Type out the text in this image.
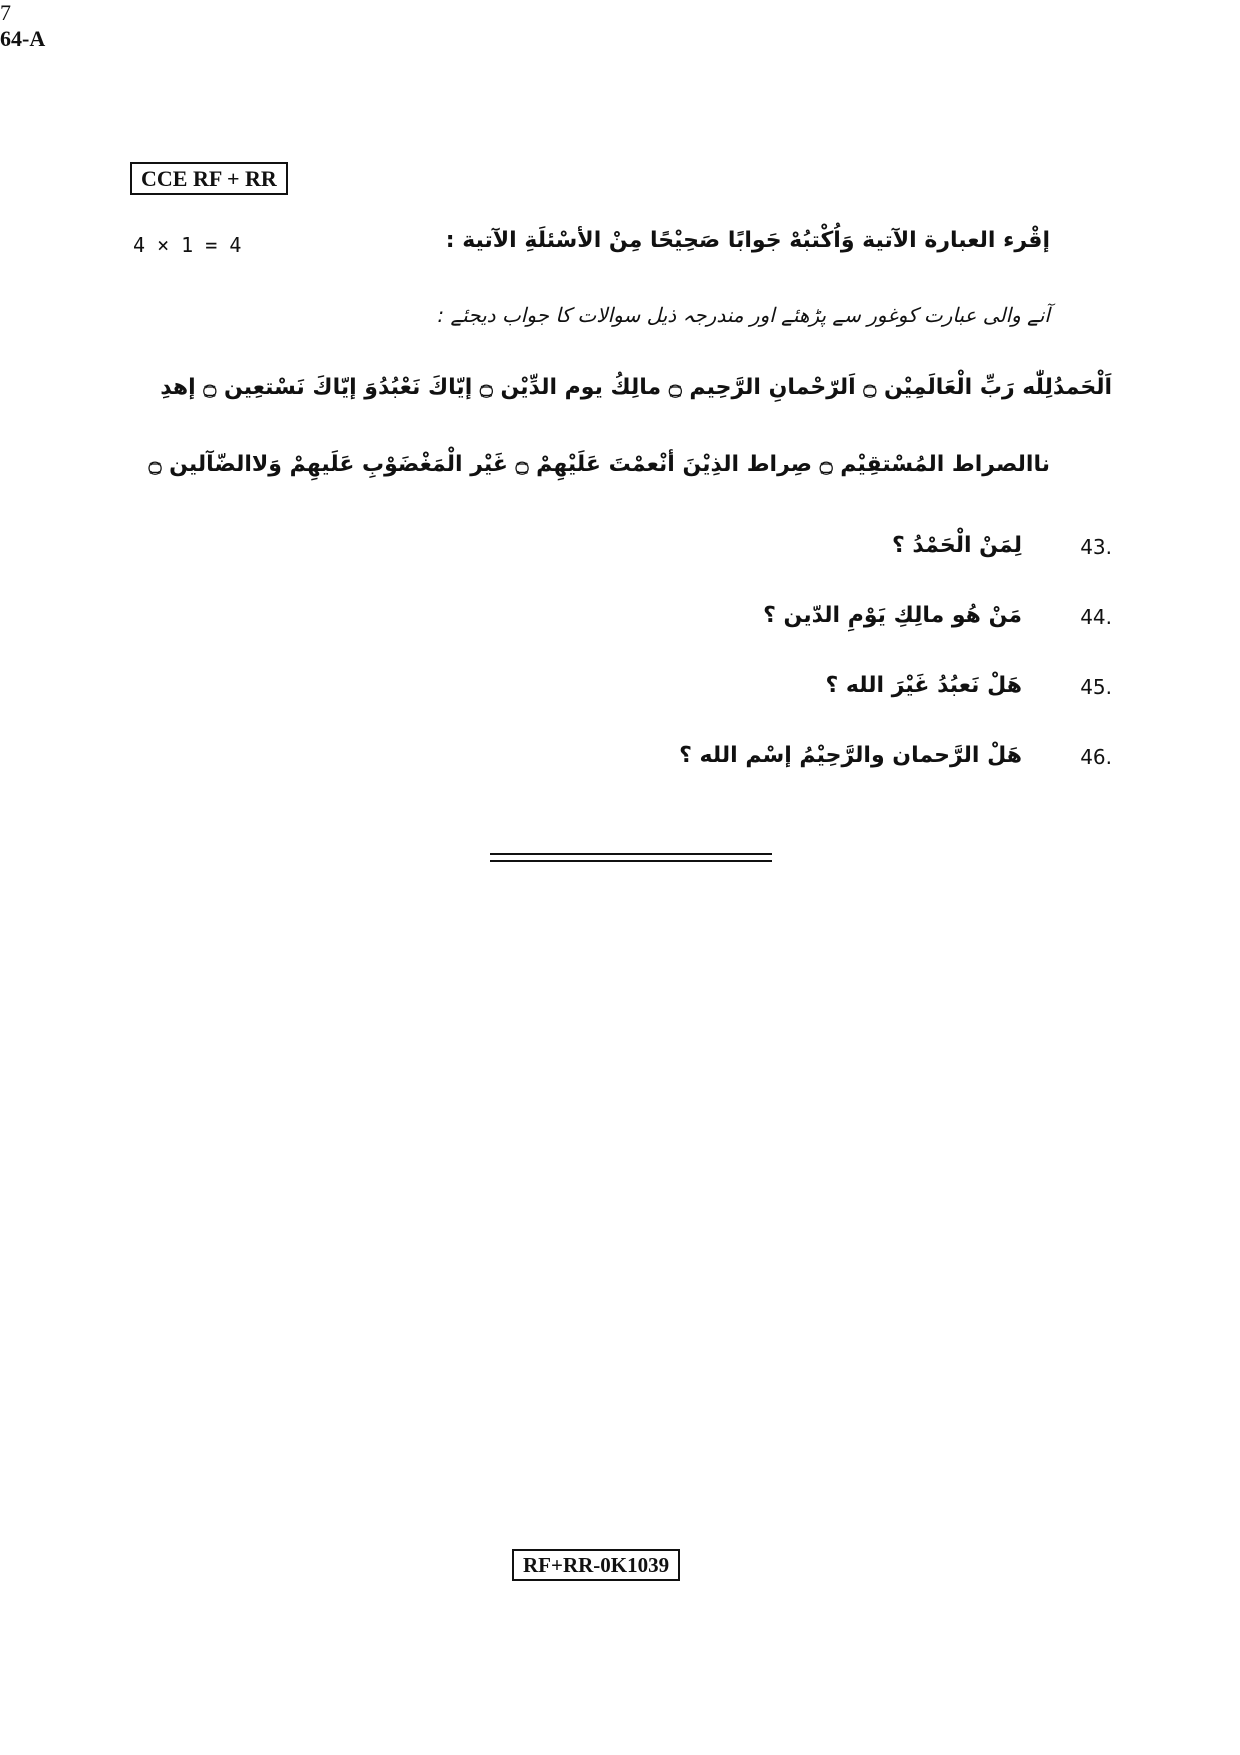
CCE RF + RR
7
64-A
4 × 1 = 4	إقْرء العبارة الآتية وَاُكْتبُهْ جَوابًا صَحِيْحًا مِنْ الأسْئلَةِ الآتية :
آنے والی عبارت کوغور سے پڑھئے اور مندرجہ ذیل سوالات کا جواب دیجئے :
اَلْحَمدُلِلّٰه رَبِّ الْعَالَمِيْن ۝ اَلرّحْمانِ الرَّحِيم ۝ مالِكُ يوم الدِّيْن ۝ إيّاكَ نَعْبُدُوَ إيّاكَ نَسْتعِين ۝ إهدِ
ناالصراط المُسْتقِيْم ۝ صِراط الذِيْنَ أنْعمْتَ عَلَيْهِمْ ۝ غَيْر الْمَغْضَوْبِ عَلَيهِمْ وَلاالضّآلين ۝
43.
لِمَنْ الْحَمْدُ ؟
44.
مَنْ هُو مالِكِ يَوْمِ الدّين ؟
45.
هَلْ نَعبُدُ غَيْرَ الله ؟
46.
هَلْ الرَّحمان والرَّحِيْمُ إسْم الله ؟
RF+RR-0K1039
